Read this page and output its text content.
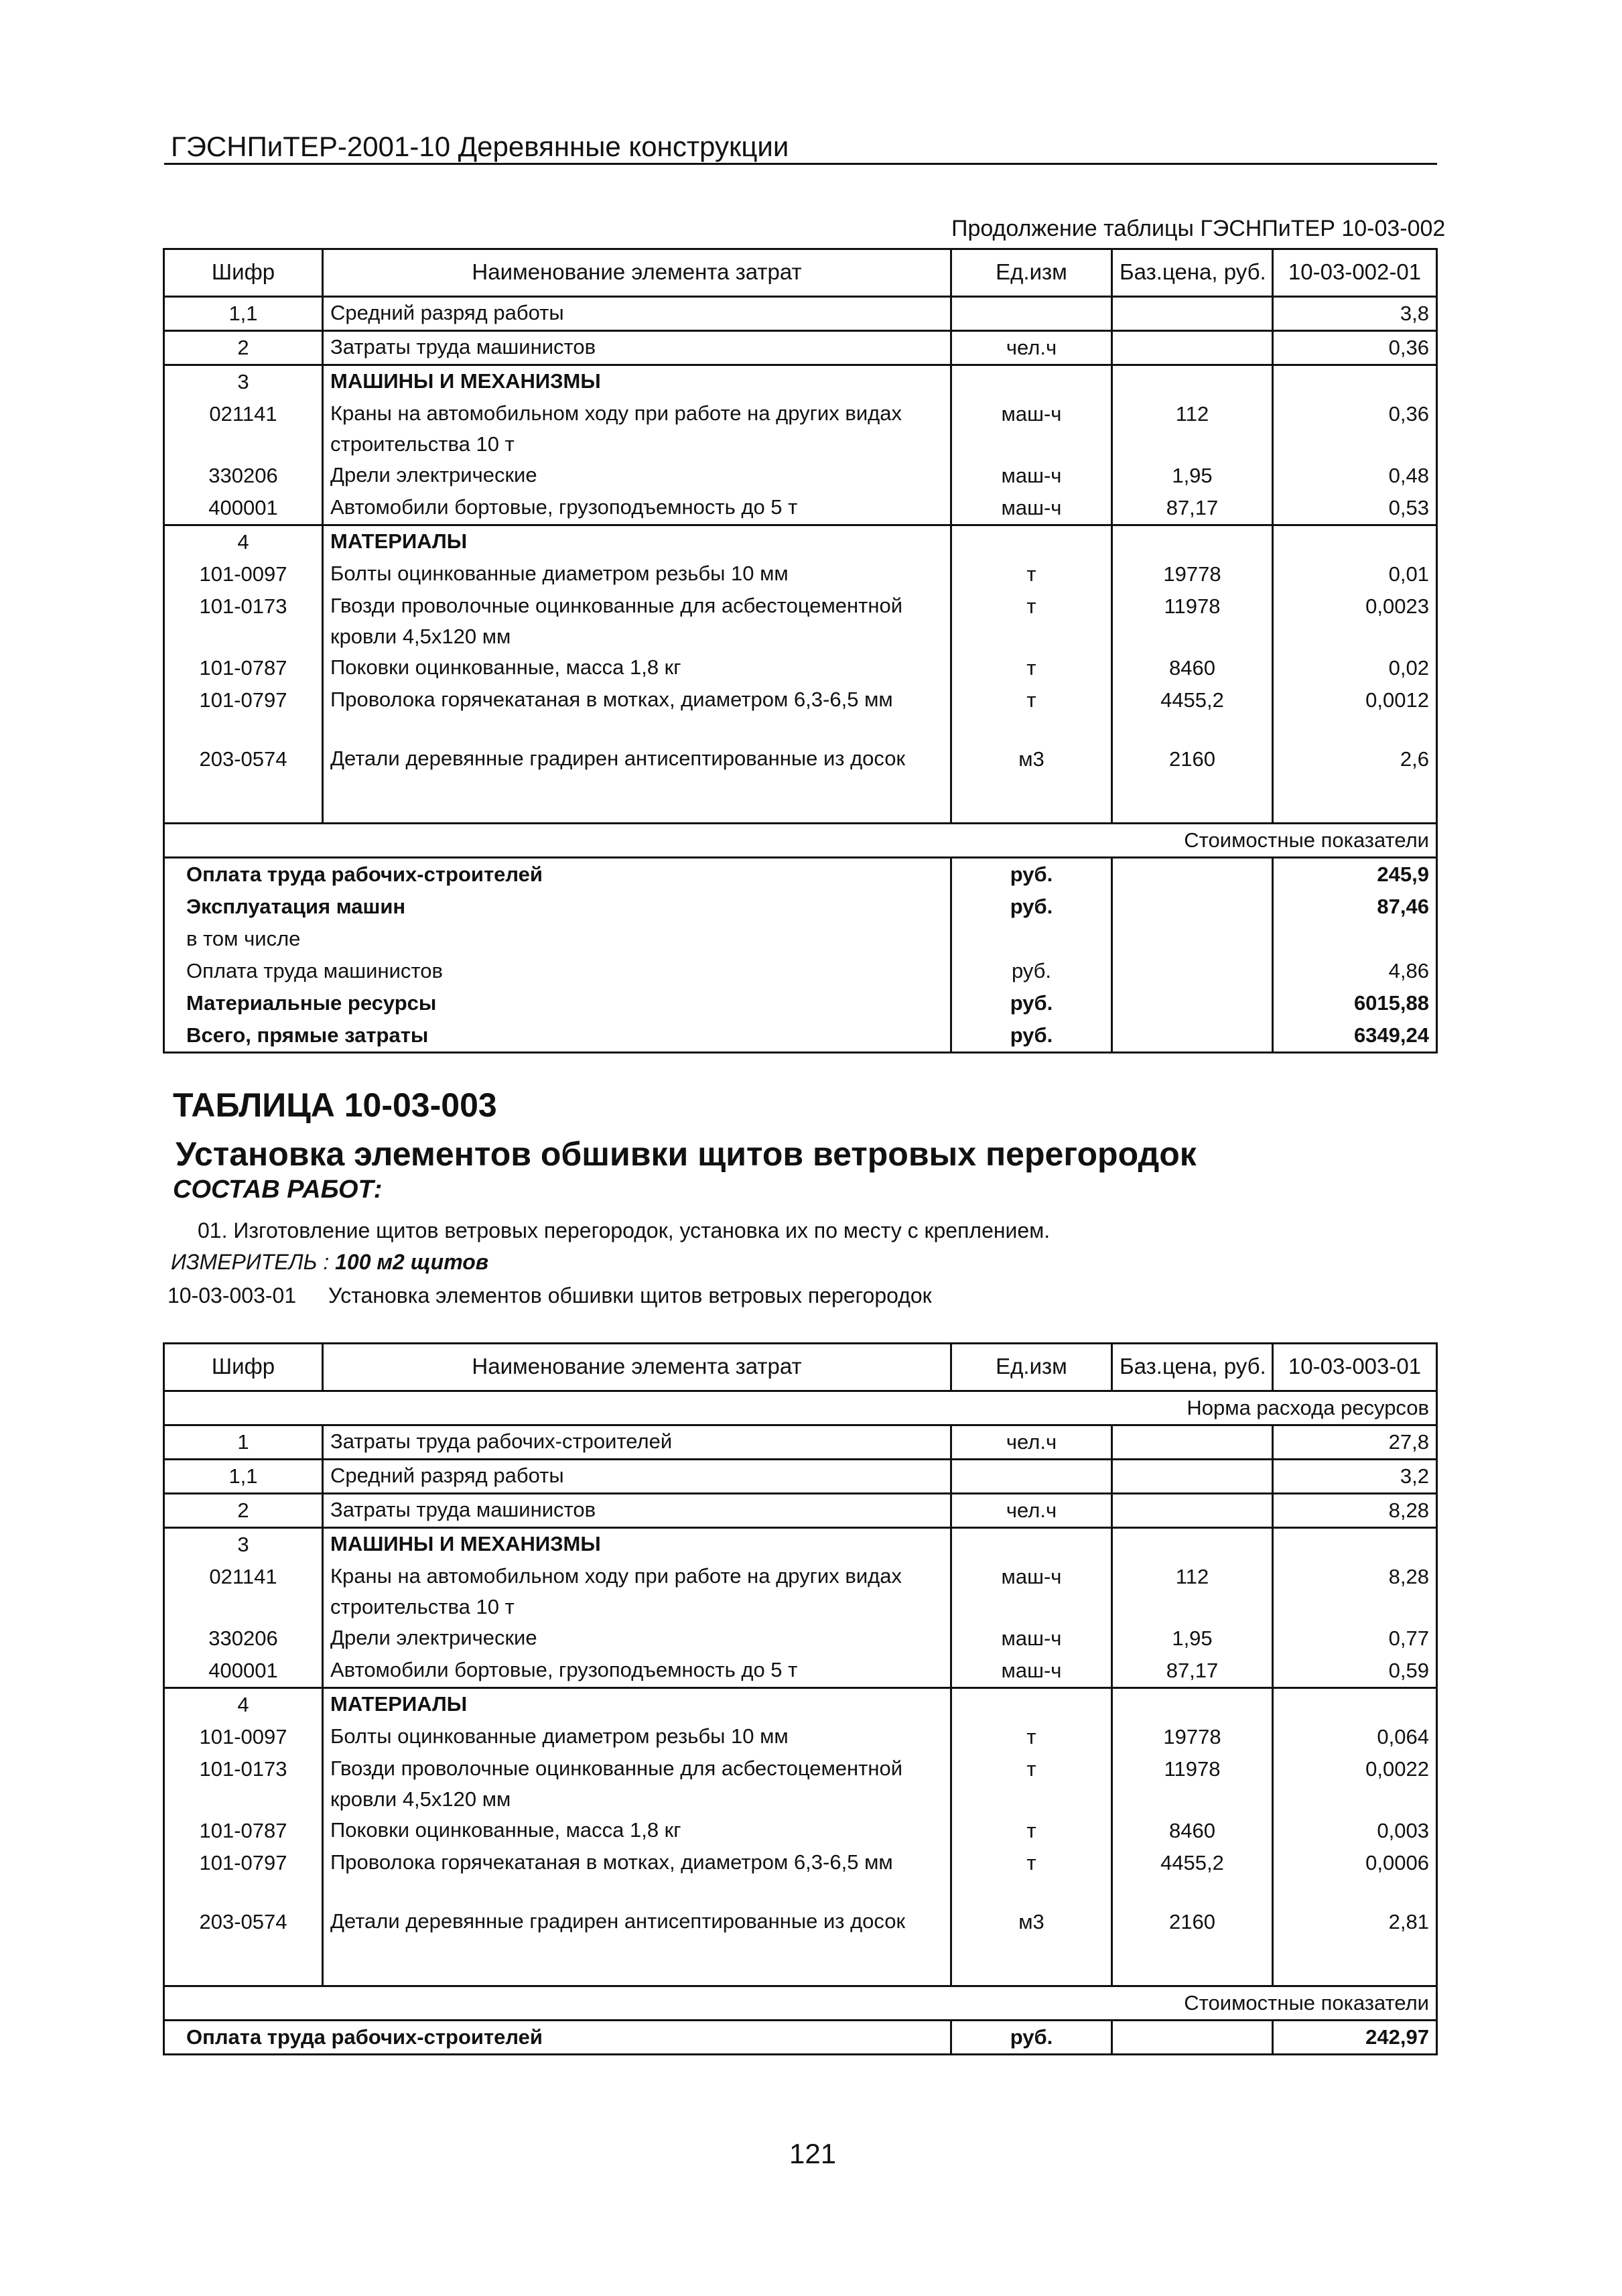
ГЭСНПиТЕР-2001-10 Деревянные конструкции
Продолжение таблицы ГЭСНПиТЕР 10-03-002
Шифр	Наименование элемента затрат	Ед.изм	Баз.цена, руб.	10-03-002-01
1,1	Средний разряд работы			3,8
2	Затраты труда машинистов	чел.ч		0,36
3	МАШИНЫ И МЕХАНИЗМЫ			
021141	Краны на автомобильном ходу при работе на других видах строительства 10 т	маш-ч	112	0,36
330206	Дрели электрические	маш-ч	1,95	0,48
400001	Автомобили бортовые, грузоподъемность до 5 т	маш-ч	87,17	0,53
4	МАТЕРИАЛЫ			
101-0097	Болты оцинкованные диаметром резьбы 10 мм	т	19778	0,01
101-0173	Гвозди проволочные оцинкованные для асбестоцементной кровли 4,5х120 мм	т	11978	0,0023
101-0787	Поковки оцинкованные, масса 1,8 кг	т	8460	0,02
101-0797	Проволока горячекатаная в мотках, диаметром 6,3-6,5 мм	т	4455,2	0,0012
203-0574	Детали деревянные градирен антисептированные из досок	м3	2160	2,6
Стоимостные показатели				
Оплата труда рабочих-строителей		руб.		245,9
Эксплуатация машин		руб.		87,46
в том числе				
Оплата труда машинистов		руб.		4,86
Материальные ресурсы		руб.		6015,88
Всего, прямые затраты		руб.		6349,24
ТАБЛИЦА 10-03-003
Установка элементов обшивки щитов ветровых перегородок
СОСТАВ РАБОТ:
01. Изготовление щитов ветровых перегородок, установка их по месту с креплением.
ИЗМЕРИТЕЛЬ : 100 м2 щитов
10-03-003-01 Установка элементов обшивки щитов ветровых перегородок
Шифр	Наименование элемента затрат	Ед.изм	Баз.цена, руб.	10-03-003-01
Норма расхода ресурсов				
1	Затраты труда рабочих-строителей	чел.ч		27,8
1,1	Средний разряд работы			3,2
2	Затраты труда машинистов	чел.ч		8,28
3	МАШИНЫ И МЕХАНИЗМЫ			
021141	Краны на автомобильном ходу при работе на других видах строительства 10 т	маш-ч	112	8,28
330206	Дрели электрические	маш-ч	1,95	0,77
400001	Автомобили бортовые, грузоподъемность до 5 т	маш-ч	87,17	0,59
4	МАТЕРИАЛЫ			
101-0097	Болты оцинкованные диаметром резьбы 10 мм	т	19778	0,064
101-0173	Гвозди проволочные оцинкованные для асбестоцементной кровли 4,5х120 мм	т	11978	0,0022
101-0787	Поковки оцинкованные, масса 1,8 кг	т	8460	0,003
101-0797	Проволока горячекатаная в мотках, диаметром 6,3-6,5 мм	т	4455,2	0,0006
203-0574	Детали деревянные градирен антисептированные из досок	м3	2160	2,81
Стоимостные показатели				
Оплата труда рабочих-строителей		руб.		242,97
121
